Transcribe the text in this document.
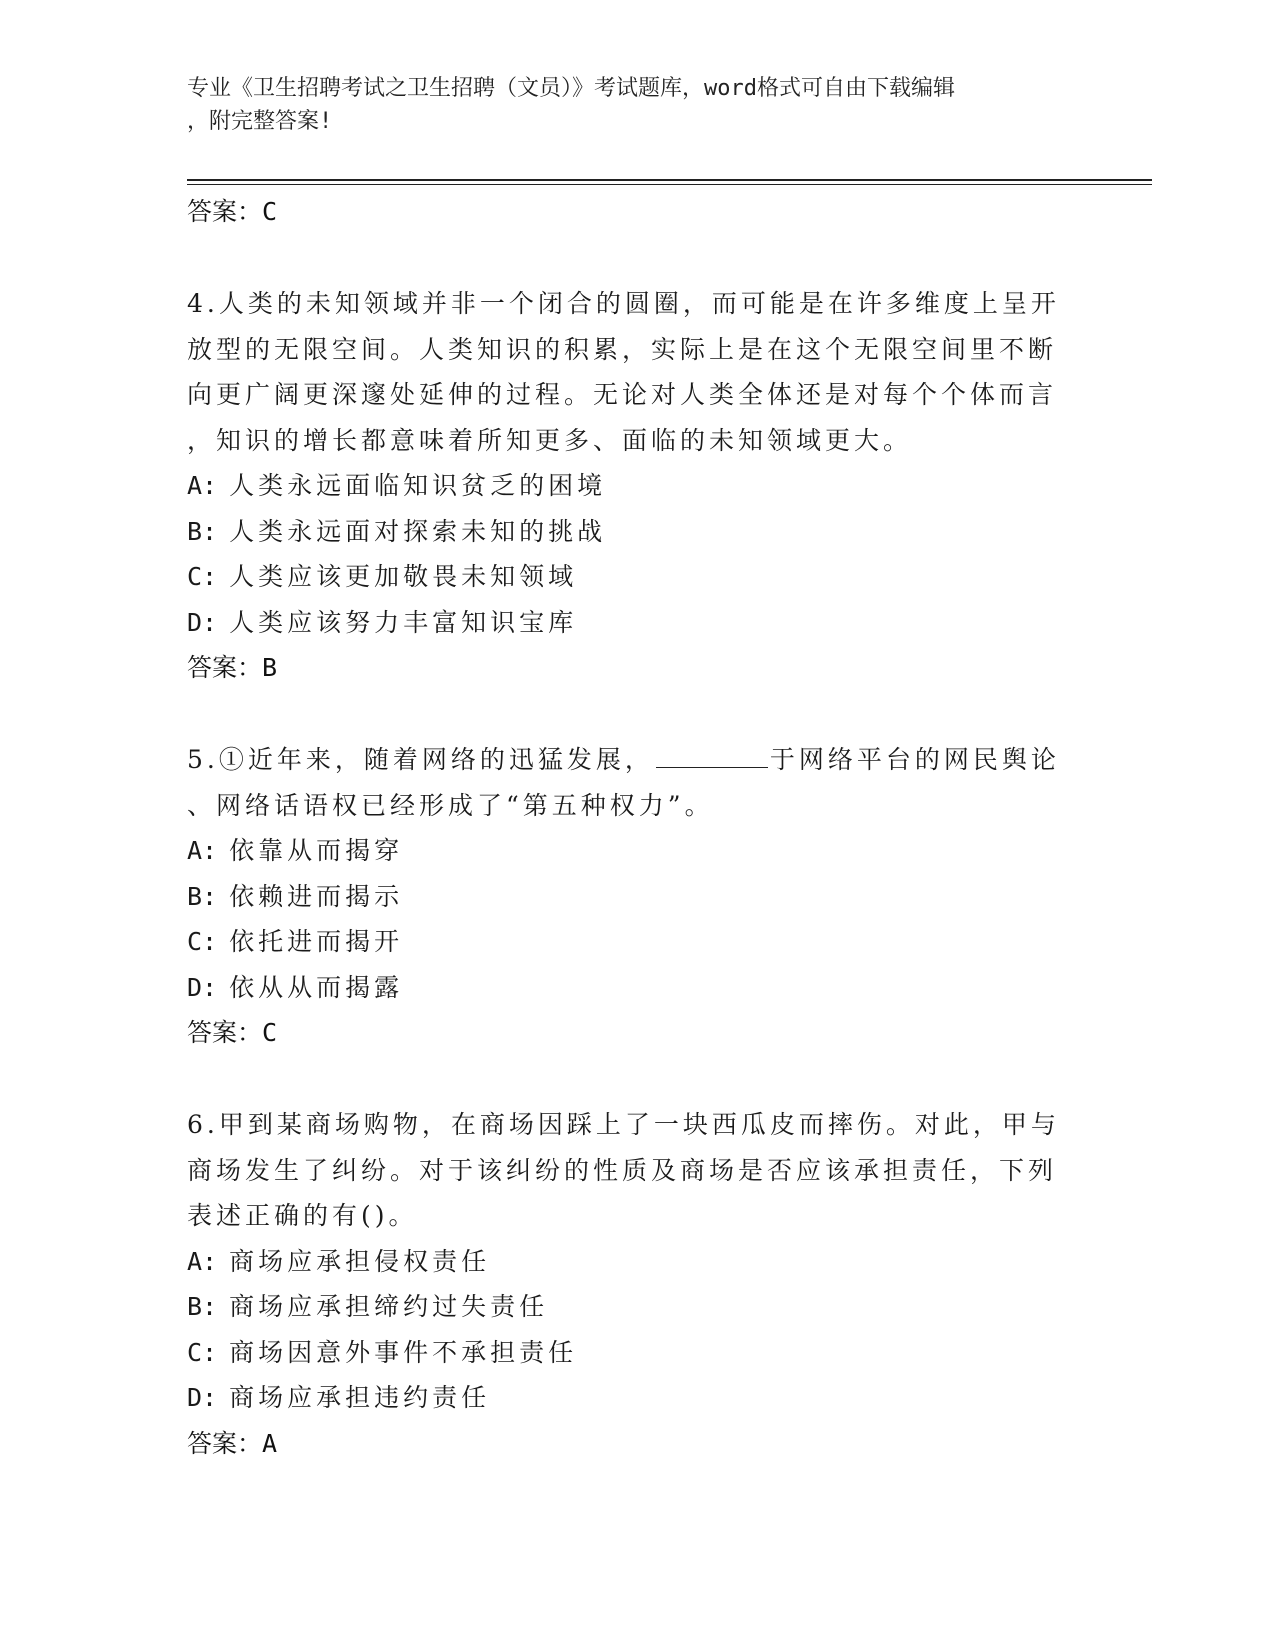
专业《卫生招聘考试之卫生招聘（文员）》考试题库，word格式可自由下载编辑
，附完整答案!
答案：C
4.人类的未知领域并非一个闭合的圆圈，而可能是在许多维度上呈开
放型的无限空间。人类知识的积累，实际上是在这个无限空间里不断
向更广阔更深邃处延伸的过程。无论对人类全体还是对每个个体而言
，知识的增长都意味着所知更多、面临的未知领域更大。
A: 人类永远面临知识贫乏的困境
B: 人类永远面对探索未知的挑战
C: 人类应该更加敬畏未知领域
D: 人类应该努力丰富知识宝库
答案：B
5.①近年来，随着网络的迅猛发展，	于网络平台的网民舆论
、网络话语权已经形成了“第五种权力”。
A: 依靠从而揭穿
B: 依赖进而揭示
C: 依托进而揭开
D: 依从从而揭露
答案：C
6.甲到某商场购物，在商场因踩上了一块西瓜皮而摔伤。对此，甲与
商场发生了纠纷。对于该纠纷的性质及商场是否应该承担责任，下列
表述正确的有()。
A: 商场应承担侵权责任
B: 商场应承担缔约过失责任
C: 商场因意外事件不承担责任
D: 商场应承担违约责任
答案：A
